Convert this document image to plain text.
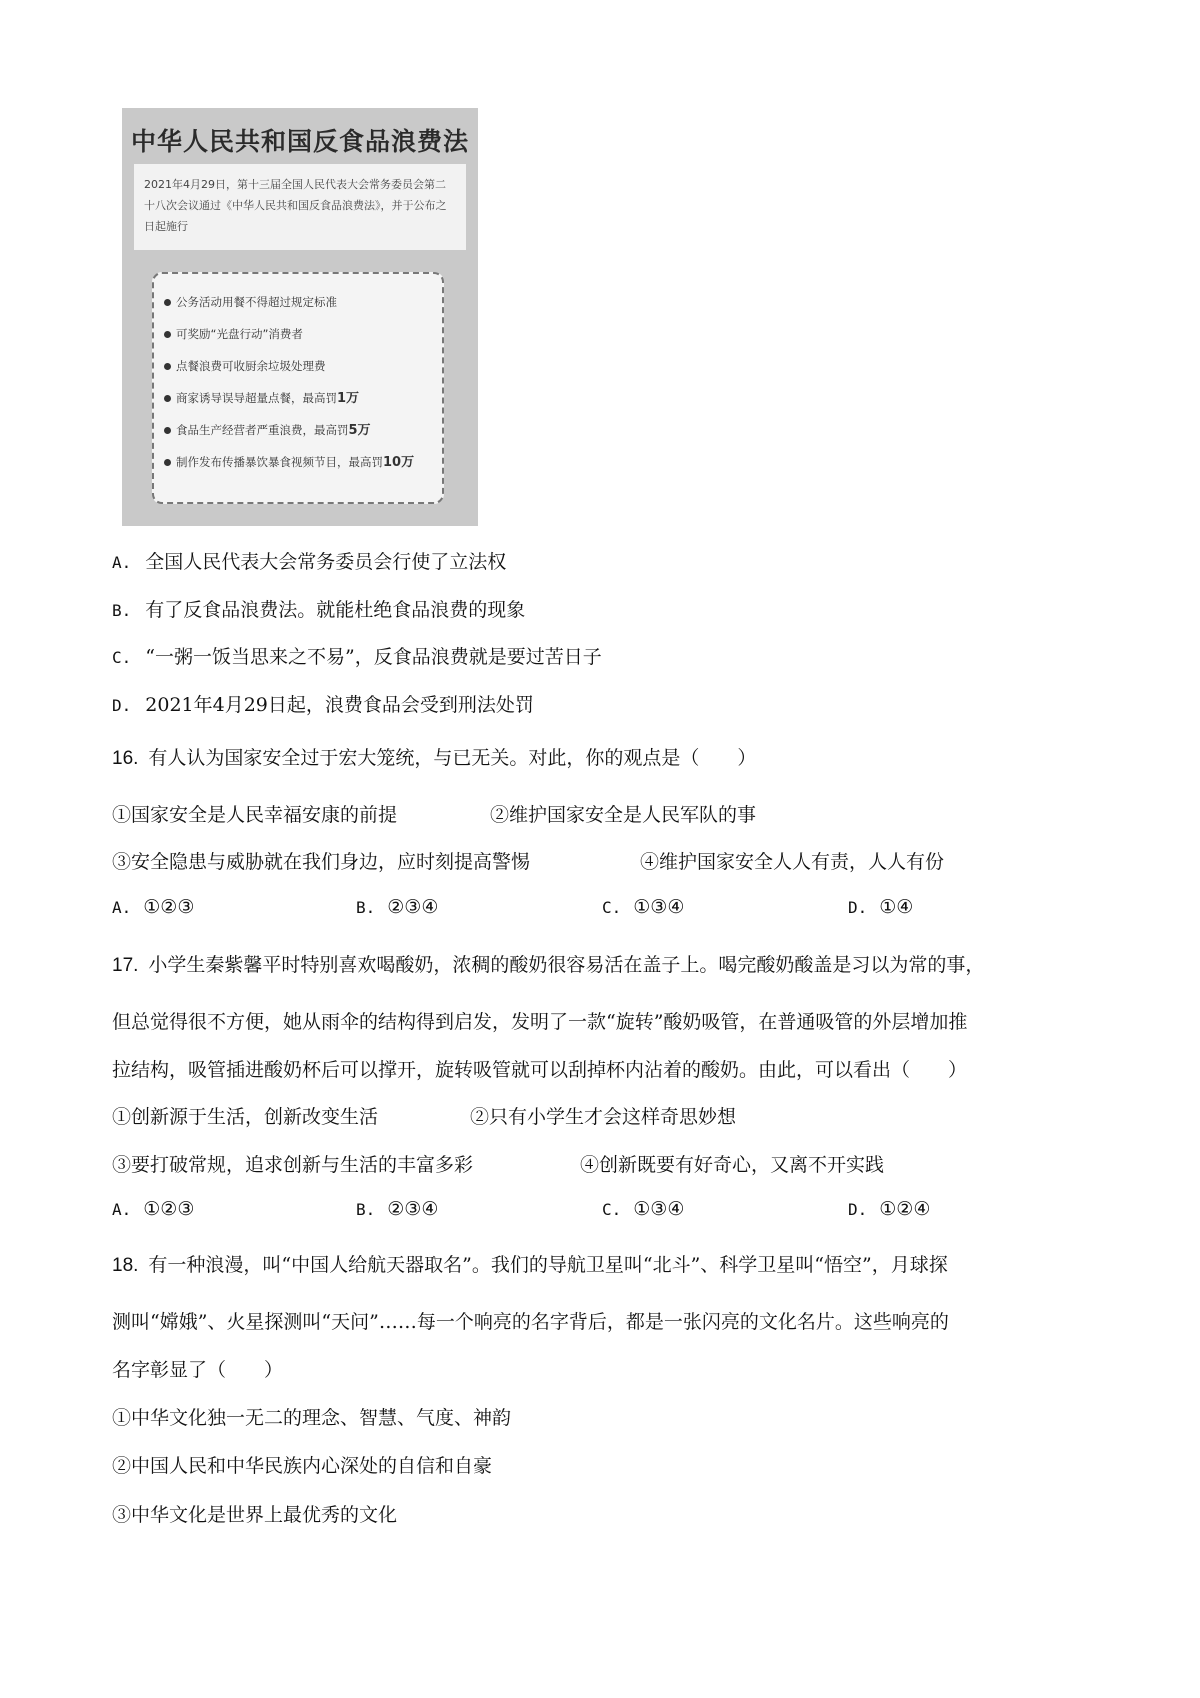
中华人民共和国反食品浪费法
2021年4月29日，第十三届全国人民代表大会常务委员会第二十八次会议通过《中华人民共和国反食品浪费法》，并于公布之日起施行
公务活动用餐不得超过规定标准
可奖励“光盘行动”消费者
点餐浪费可收厨余垃圾处理费
商家诱导误导超量点餐，最高罚1万
食品生产经营者严重浪费，最高罚5万
制作发布传播暴饮暴食视频节目，最高罚10万
A. 全国人民代表大会常务委员会行使了立法权
B. 有了反食品浪费法。就能杜绝食品浪费的现象
C. “一粥一饭当思来之不易”，反食品浪费就是要过苦日子
D. 2021年4月29日起，浪费食品会受到刑法处罚
16. 有人认为国家安全过于宏大笼统，与已无关。对此，你的观点是（　　）
①国家安全是人民幸福安康的前提	②维护国家安全是人民军队的事
③安全隐患与威胁就在我们身边，应时刻提高警惕	④维护国家安全人人有责，人人有份
A. ①②③	B. ②③④	C. ①③④	D. ①④
17. 小学生秦紫馨平时特别喜欢喝酸奶，浓稠的酸奶很容易活在盖子上。喝完酸奶酸盖是习以为常的事，
但总觉得很不方便，她从雨伞的结构得到启发，发明了一款“旋转”酸奶吸管，在普通吸管的外层增加推
拉结构，吸管插进酸奶杯后可以撑开，旋转吸管就可以刮掉杯内沾着的酸奶。由此，可以看出（　　）
①创新源于生活，创新改变生活	②只有小学生才会这样奇思妙想
③要打破常规，追求创新与生活的丰富多彩	④创新既要有好奇心，又离不开实践
A. ①②③	B. ②③④	C. ①③④	D. ①②④
18. 有一种浪漫，叫“中国人给航天器取名”。我们的导航卫星叫“北斗”、科学卫星叫“悟空”，月球探
测叫“嫦娥”、火星探测叫“天问”……每一个响亮的名字背后，都是一张闪亮的文化名片。这些响亮的
名字彰显了（　　）
①中华文化独一无二的理念、智慧、气度、神韵
②中国人民和中华民族内心深处的自信和自豪
③中华文化是世界上最优秀的文化
